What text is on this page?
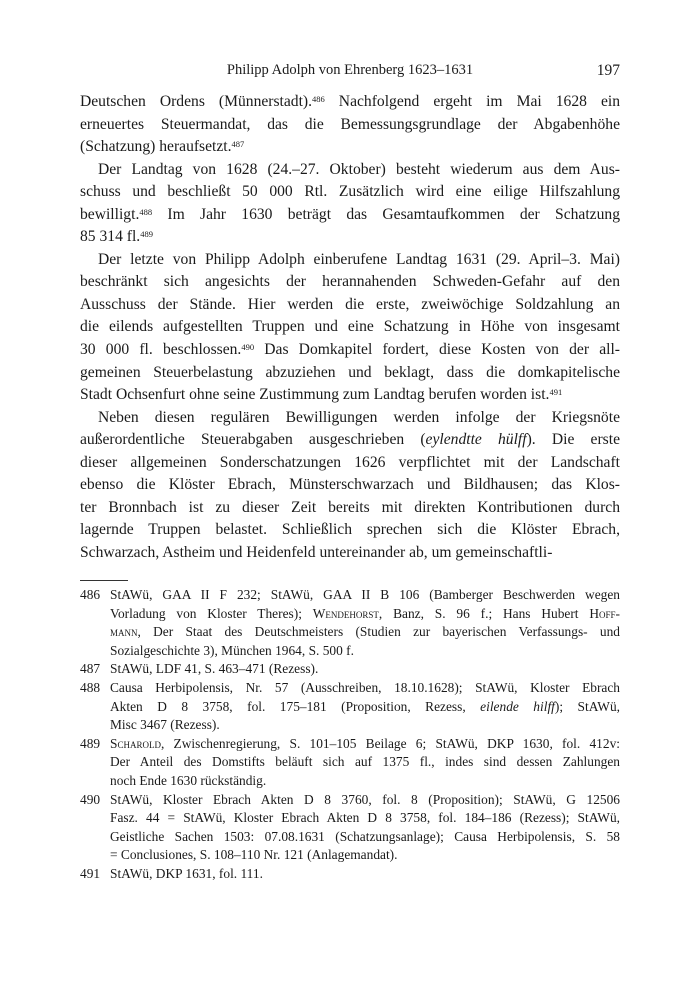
Philipp Adolph von Ehrenberg 1623–1631	197
Deutschen Ordens (Münnerstadt).$^{486}$ Nachfolgend ergeht im Mai 1628 ein
erneuertes Steuermandat, das die Bemessungsgrundlage der Abgabenhöhe
(Schatzung) heraufsetzt.$^{487}$
Der Landtag von 1628 (24.–27. Oktober) besteht wiederum aus dem Aus-
schuss und beschließt 50 000 Rtl. Zusätzlich wird eine eilige Hilfszahlung
bewilligt.$^{488}$ Im Jahr 1630 beträgt das Gesamtaufkommen der Schatzung
85 314 fl.$^{489}$
Der letzte von Philipp Adolph einberufene Landtag 1631 (29. April–3. Mai)
beschränkt sich angesichts der herannahenden Schweden-Gefahr auf den
Ausschuss der Stände. Hier werden die erste, zweiwöchige Soldzahlung an
die eilends aufgestellten Truppen und eine Schatzung in Höhe von insgesamt
30 000 fl. beschlossen.$^{490}$ Das Domkapitel fordert, diese Kosten von der all-
gemeinen Steuerbelastung abzuziehen und beklagt, dass die domkapitelische
Stadt Ochsenfurt ohne seine Zustimmung zum Landtag berufen worden ist.$^{491}$
Neben diesen regulären Bewilligungen werden infolge der Kriegsnöte
außerordentliche Steuerabgaben ausgeschrieben (eylendtte hülff). Die erste
dieser allgemeinen Sonderschatzungen 1626 verpflichtet mit der Landschaft
ebenso die Klöster Ebrach, Münsterschwarzach und Bildhausen; das Klos-
ter Bronnbach ist zu dieser Zeit bereits mit direkten Kontributionen durch
lagernde Truppen belastet. Schließlich sprechen sich die Klöster Ebrach,
Schwarzach, Astheim und Heidenfeld untereinander ab, um gemeinschaftli-
486 StAWü, GAA II F 232; StAWü, GAA II B 106 (Bamberger Beschwerden wegen
Vorladung von Kloster Theres); Wendehorst, Banz, S. 96 f.; Hans Hubert Hoff-
mann, Der Staat des Deutschmeisters (Studien zur bayerischen Verfassungs- und
Sozialgeschichte 3), München 1964, S. 500 f.
487 StAWü, LDF 41, S. 463–471 (Rezess).
488 Causa Herbipolensis, Nr. 57 (Ausschreiben, 18.10.1628); StAWü, Kloster Ebrach
Akten D 8 3758, fol. 175–181 (Proposition, Rezess, eilende hilff); StAWü,
Misc 3467 (Rezess).
489 Scharold, Zwischenregierung, S. 101–105 Beilage 6; StAWü, DKP 1630, fol. 412v:
Der Anteil des Domstifts beläuft sich auf 1375 fl., indes sind dessen Zahlungen
noch Ende 1630 rückständig.
490 StAWü, Kloster Ebrach Akten D 8 3760, fol. 8 (Proposition); StAWü, G 12506
Fasz. 44 = StAWü, Kloster Ebrach Akten D 8 3758, fol. 184–186 (Rezess); StAWü,
Geistliche Sachen 1503: 07.08.1631 (Schatzungsanlage); Causa Herbipolensis, S. 58
= Conclusiones, S. 108–110 Nr. 121 (Anlagemandat).
491 StAWü, DKP 1631, fol. 111.
